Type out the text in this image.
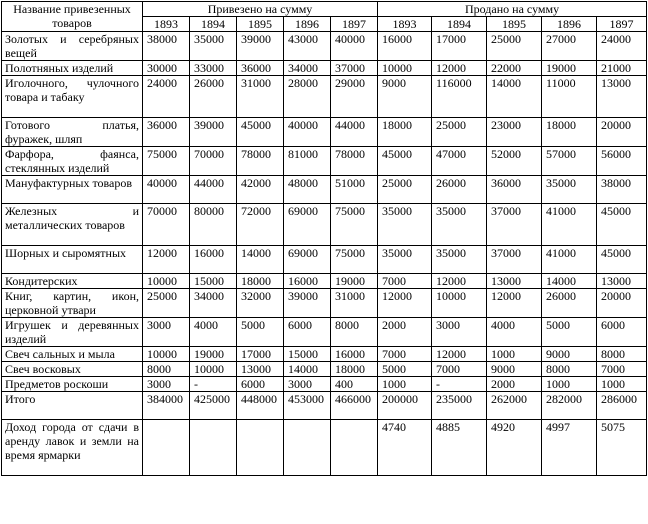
Название привезенных товаров	Привезено на сумму					Продано на сумму				
	1893	1894	1895	1896	1897	1893	1894	1895	1896	1897
Золотых и серебряных вещей	38000	35000	39000	43000	40000	16000	17000	25000	27000	24000
Полотняных изделий	30000	33000	36000	34000	37000	10000	12000	22000	19000	21000
Иголочного, чулочного товара и табаку	24000	26000	31000	28000	29000	9000	116000	14000	11000	13000
Готового платья, фуражек, шляп	36000	39000	45000	40000	44000	18000	25000	23000	18000	20000
Фарфора, фаянса, стеклянных изделий	75000	70000	78000	81000	78000	45000	47000	52000	57000	56000
Мануфактурных товаров	40000	44000	42000	48000	51000	25000	26000	36000	35000	38000
Железных и металлических товаров	70000	80000	72000	69000	75000	35000	35000	37000	41000	45000
Шорных и сыромятных	12000	16000	14000	69000	75000	35000	35000	37000	41000	45000
Кондитерских	10000	15000	18000	16000	19000	7000	12000	13000	14000	13000
Книг, картин, икон, церковной утвари	25000	34000	32000	39000	31000	12000	10000	12000	26000	20000
Игрушек и деревянных изделий	3000	4000	5000	6000	8000	2000	3000	4000	5000	6000
Свеч сальных и мыла	10000	19000	17000	15000	16000	7000	12000	1000	9000	8000
Свеч восковых	8000	10000	13000	14000	18000	5000	7000	9000	8000	7000
Предметов роскоши	3000	-	6000	3000	400	1000	-	2000	1000	1000
Итого	384000	425000	448000	453000	466000	200000	235000	262000	282000	286000
Доход города от сдачи в аренду лавок и земли на время ярмарки						4740	4885	4920	4997	5075
